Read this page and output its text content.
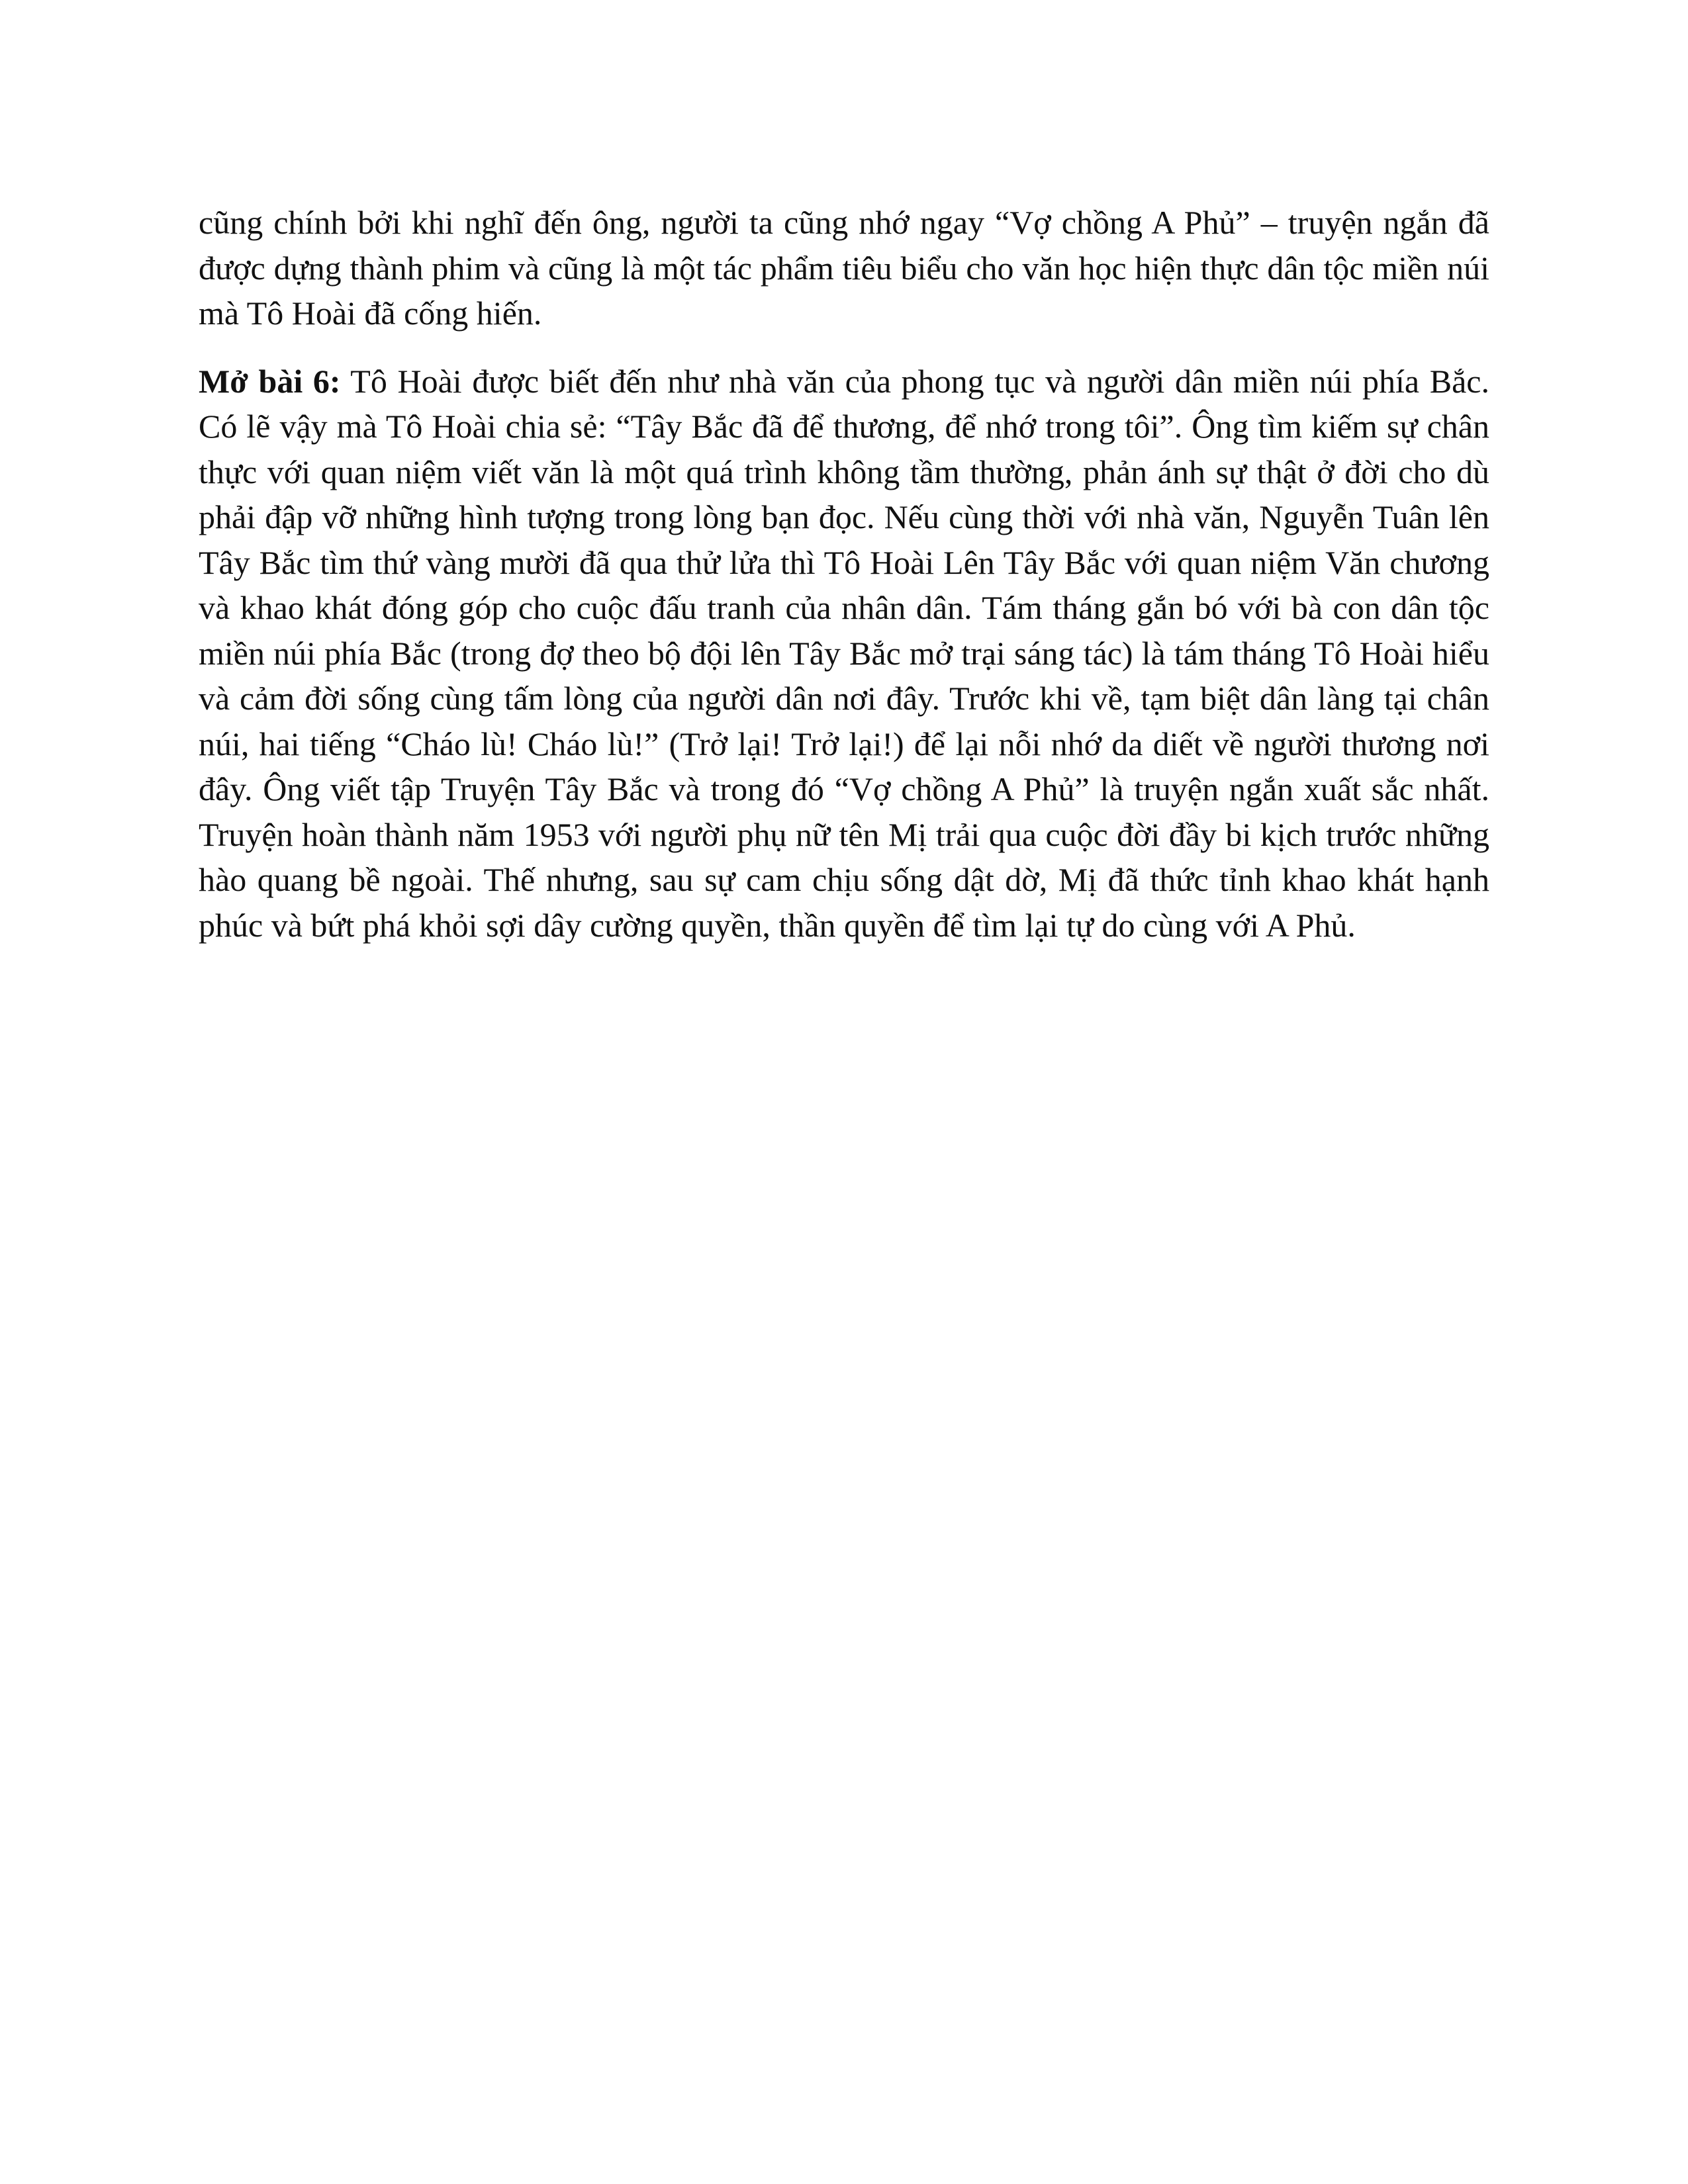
cũng chính bởi khi nghĩ đến ông, người ta cũng nhớ ngay “Vợ chồng A Phủ” – truyện ngắn đã được dựng thành phim và cũng là một tác phẩm tiêu biểu cho văn học hiện thực dân tộc miền núi mà Tô Hoài đã cống hiến.

Mở bài 6: Tô Hoài được biết đến như nhà văn của phong tục và người dân miền núi phía Bắc. Có lẽ vậy mà Tô Hoài chia sẻ: “Tây Bắc đã để thương, để nhớ trong tôi”. Ông tìm kiếm sự chân thực với quan niệm viết văn là một quá trình không tầm thường, phản ánh sự thật ở đời cho dù phải đập vỡ những hình tượng trong lòng bạn đọc. Nếu cùng thời với nhà văn, Nguyễn Tuân lên Tây Bắc tìm thứ vàng mười đã qua thử lửa thì Tô Hoài Lên Tây Bắc với quan niệm Văn chương và khao khát đóng góp cho cuộc đấu tranh của nhân dân. Tám tháng gắn bó với bà con dân tộc miền núi phía Bắc (trong đợ theo bộ đội lên Tây Bắc mở trại sáng tác) là tám tháng Tô Hoài hiểu và cảm đời sống cùng tấm lòng của người dân nơi đây. Trước khi về, tạm biệt dân làng tại chân núi, hai tiếng “Cháo lù! Cháo lù!” (Trở lại! Trở lại!) để lại nỗi nhớ da diết về người thương nơi đây. Ông viết tập Truyện Tây Bắc và trong đó “Vợ chồng A Phủ” là truyện ngắn xuất sắc nhất. Truyện hoàn thành năm 1953 với người phụ nữ tên Mị trải qua cuộc đời đầy bi kịch trước những hào quang bề ngoài. Thế nhưng, sau sự cam chịu sống dật dờ, Mị đã thức tỉnh khao khát hạnh phúc và bứt phá khỏi sợi dây cường quyền, thần quyền để tìm lại tự do cùng với A Phủ.
